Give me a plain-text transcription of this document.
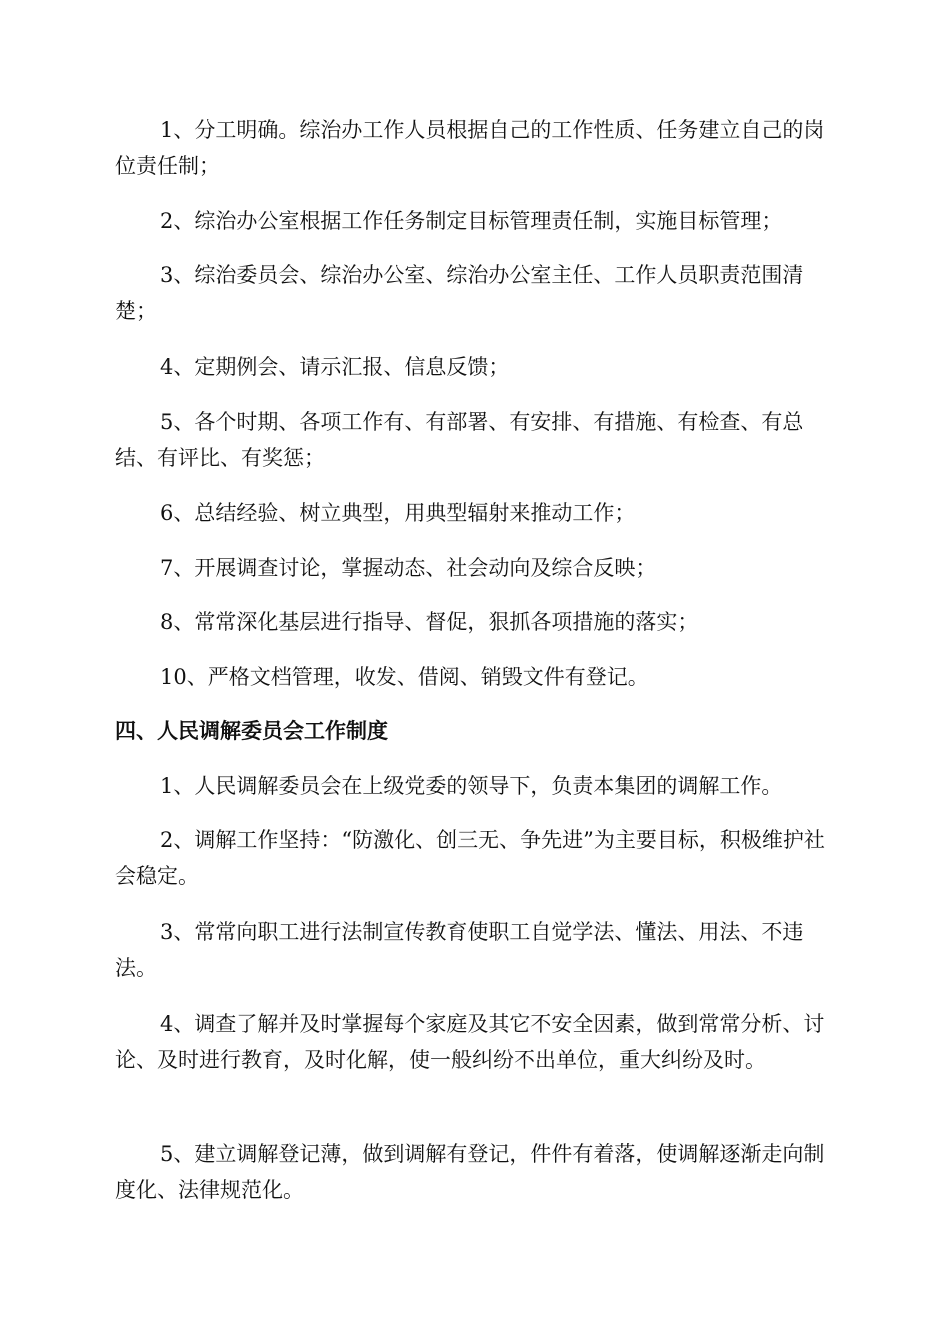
1、分工明确。综治办工作人员根据自己的工作性质、任务建立自己的岗位责任制；

2、综治办公室根据工作任务制定目标管理责任制，实施目标管理；

3、综治委员会、综治办公室、综治办公室主任、工作人员职责范围清楚；

4、定期例会、请示汇报、信息反馈；

5、各个时期、各项工作有、有部署、有安排、有措施、有检查、有总结、有评比、有奖惩；

6、总结经验、树立典型，用典型辐射来推动工作；

7、开展调查讨论，掌握动态、社会动向及综合反映；

8、常常深化基层进行指导、督促，狠抓各项措施的落实；

10、严格文档管理，收发、借阅、销毁文件有登记。

四、人民调解委员会工作制度

1、人民调解委员会在上级党委的领导下，负责本集团的调解工作。

2、调解工作坚持：“防激化、创三无、争先进”为主要目标，积极维护社会稳定。

3、常常向职工进行法制宣传教育使职工自觉学法、懂法、用法、不违法。

4、调查了解并及时掌握每个家庭及其它不安全因素，做到常常分析、讨论、及时进行教育，及时化解，使一般纠纷不出单位，重大纠纷及时。

5、建立调解登记薄，做到调解有登记，件件有着落，使调解逐渐走向制度化、法律规范化。
